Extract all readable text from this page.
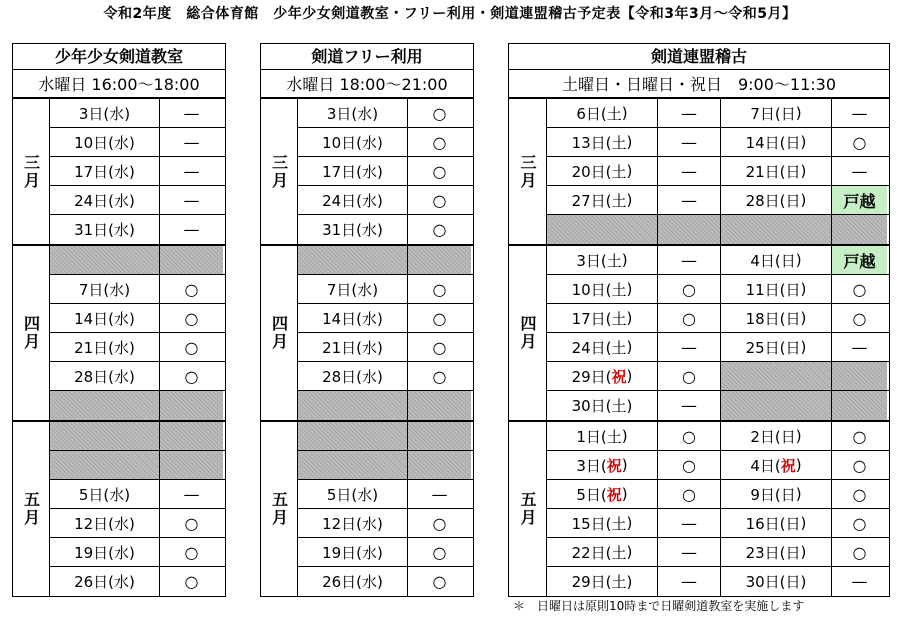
令和2年度　総合体育館　少年少女剣道教室・フリー利用・剣道連盟稽古予定表【令和3年3月～令和5月】
少年少女剣道教室
水曜日 16:00～18:00
三月
3日(水)	—
10日(水)	—
17日(水)	—
24日(水)	—
31日(水)	—
四月
7日(水)	○
14日(水)	○
21日(水)	○
28日(水)	○
五月	5日(水)	—
12日(水)	○
19日(水)	○
26日(水)	○
剣道フリー利用
水曜日 18:00～21:00
三月
3日(水)	○
10日(水)	○
17日(水)	○
24日(水)	○
31日(水)	○
四月
7日(水)	○
14日(水)	○
21日(水)	○
28日(水)	○
五月	5日(水)	—
12日(水)	○
19日(水)	○
26日(水)	○
剣道連盟稽古
土曜日・日曜日・祝日　9:00～11:30
三月
6日( 土 )	—	7日( 日 )	—
13日( 土 )	—	14日( 日 )	○
20日( 土 )	—	21日( 日 )	—
27日( 土 )	—	28日( 日 )	戸越
四月
3日( 土 )	—	4日( 日 )	戸越
10日( 土 )	○	11日( 日 )	○
17日( 土 )	○	18日( 日 )	○
24日( 土 )	—	25日( 日 )	—
29日( 祝 )	○
30日( 土 )	—
五月
1日( 土 )	○	2日( 日 )	○
3日( 祝 )	○	4日( 祝 )	○
5日( 祝 )	○	9日( 日 )	○
15日( 土 )	—	16日( 日 )	○
22日( 土 )	—	23日( 日 )	○
29日( 土 )	—	30日( 日 )	—
＊　日曜日は原則10時まで日曜剣道教室を実施します
